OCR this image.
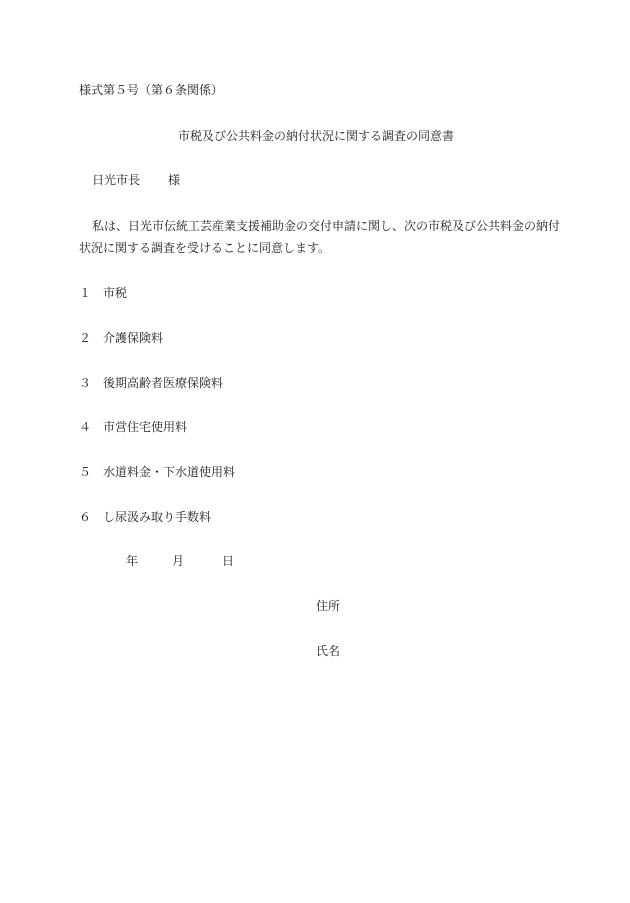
様式第５号（第６条関係）
市税及び公共料金の納付状況に関する調査の同意書
日光市長 様
私は、日光市伝統工芸産業支援補助金の交付申請に関し、次の市税及び公共料金の納付
状況に関する調査を受けることに同意します。
１ 市税
２ 介護保険料
３ 後期高齢者医療保険料
４ 市営住宅使用料
５ 水道料金・下水道使用料
６ し尿汲み取り手数料
年	月	日
住所
氏名
